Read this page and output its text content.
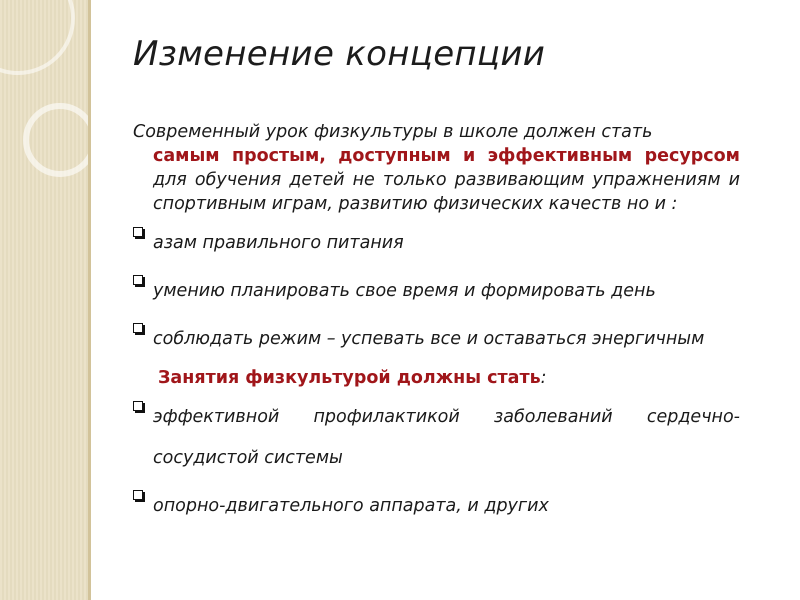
Изменение концепции

Современный урок физкультуры в школе должен стать
самым простым, доступным и эффективным ресурсом для обучения детей не только развивающим упражнениям и спортивным играм, развитию физических качеств но и :

азам правильного питания
умению планировать свое время и формировать день
соблюдать режим – успевать все и оставаться энергичным
Занятия физкультурой должны стать:
эффективной профилактикой заболеваний сердечно-сосудистой системы
опорно-двигательного аппарата, и других
